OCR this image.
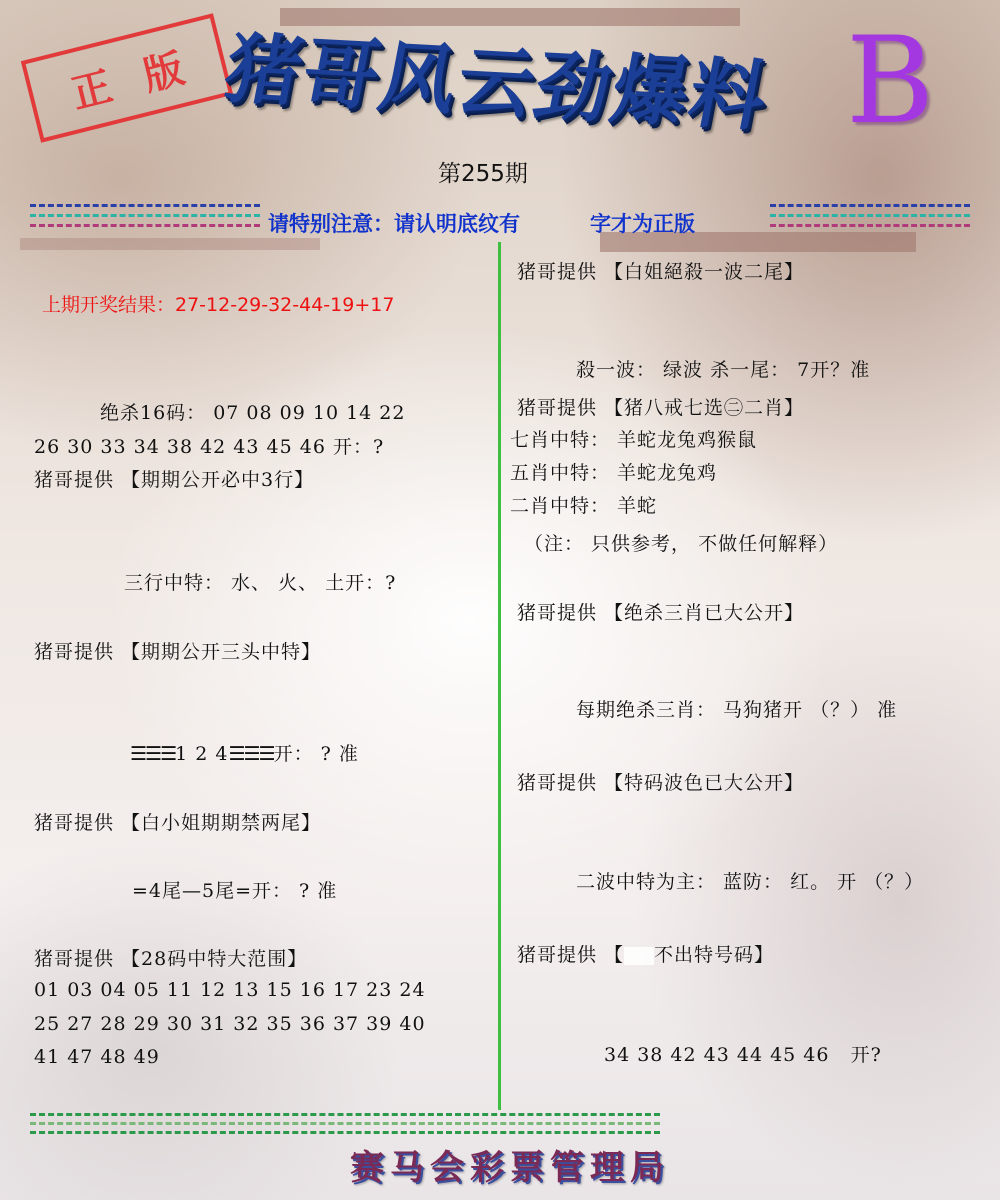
正版
猪哥风云劲爆料 B
第255期
请特别注意：请认明底纹有	字才为正版
上期开奖结果：27-12-29-32-44-19+17
绝杀16码： 07 08 09 10 14 22
26 30 33 34 38 42 43 45 46 开：?
猪哥提供 【期期公开必中3行】
三行中特： 水、 火、 土开：?
猪哥提供 【期期公开三头中特】
☰☰☰1 2 4☰☰☰开： ? 准
猪哥提供 【白小姐期期禁两尾】
=4尾—5尾=开： ? 准
猪哥提供 【28码中特大范围】
01 03 04 05 11 12 13 15 16 17 23 24
25 27 28 29 30 31 32 35 36 37 39 40
41 47 48 49
猪哥提供 【白姐絕殺一波二尾】
殺一波： 绿波 杀一尾： 7开？准
猪哥提供 【猪八戒七选㊁二肖】
七肖中特： 羊蛇龙兔鸡猴鼠
五肖中特： 羊蛇龙兔鸡
二肖中特： 羊蛇
（注： 只供参考， 不做任何解释）
猪哥提供 【绝杀三肖已大公开】
每期绝杀三肖： 马狗猪开 （？） 准
猪哥提供 【特码波色已大公开】
二波中特为主： 蓝防： 红。 开 （？）
猪哥提供 【 不出特号码】
34 38 42 43 44 45 46   开?
赛马会彩票管理局
